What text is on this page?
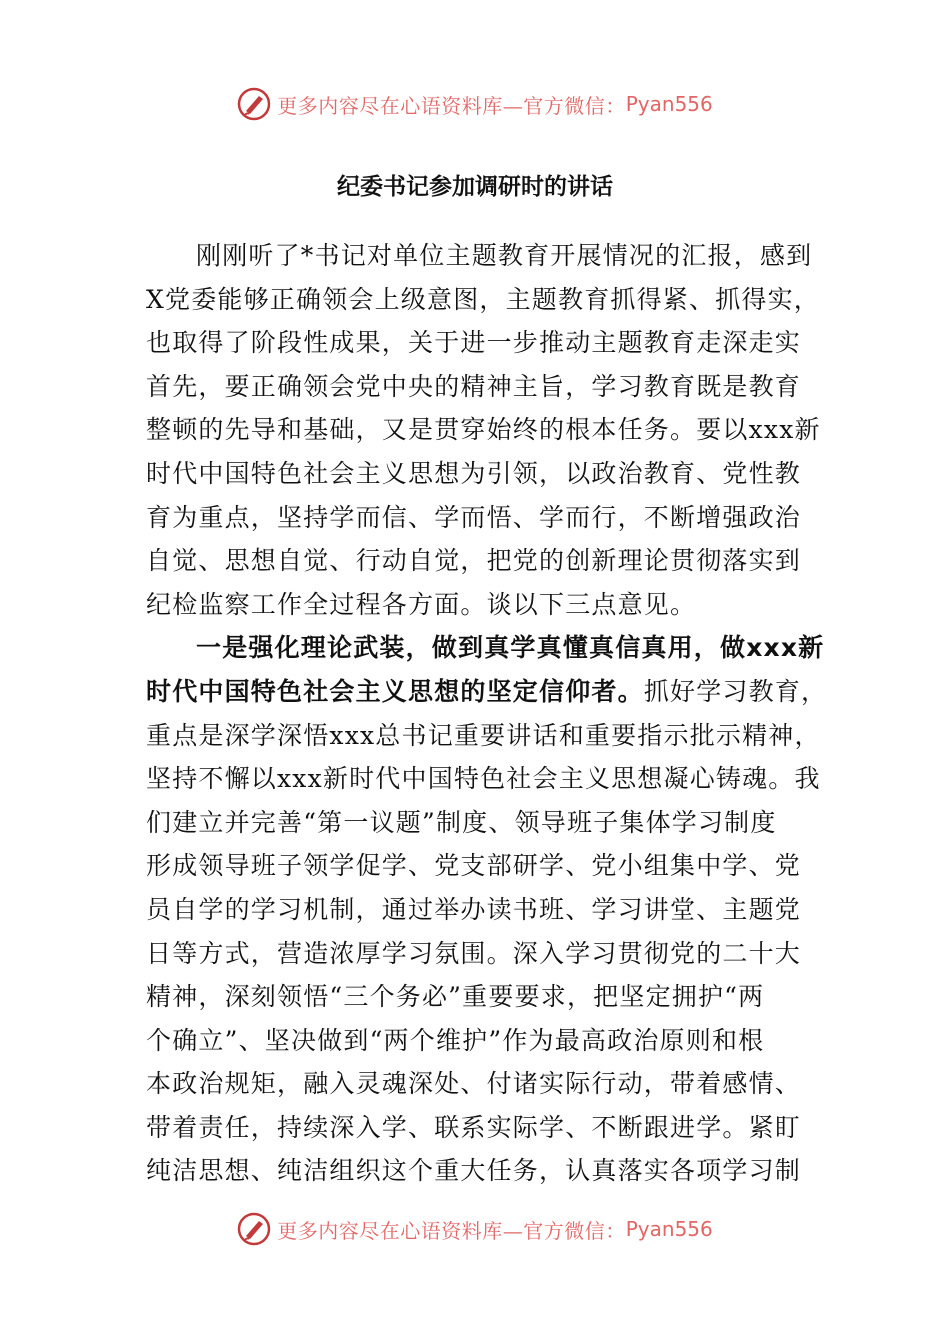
更多内容尽在心语资料库—官方微信： Pyan556
纪委书记参加调研时的讲话
刚刚听了*书记对单位主题教育开展情况的汇报，感到
X党委能够正确领会上级意图，主题教育抓得紧、抓得实，
也取得了阶段性成果，关于进一步推动主题教育走深走实
首先，要正确领会党中央的精神主旨，学习教育既是教育
整顿的先导和基础，又是贯穿始终的根本任务。要以xxx新
时代中国特色社会主义思想为引领，以政治教育、党性教
育为重点，坚持学而信、学而悟、学而行，不断增强政治
自觉、思想自觉、行动自觉，把党的创新理论贯彻落实到
纪检监察工作全过程各方面。谈以下三点意见。
一是强化理论武装，做到真学真懂真信真用，做xxx新
时代中国特色社会主义思想的坚定信仰者。抓好学习教育，
重点是深学深悟xxx总书记重要讲话和重要指示批示精神，
坚持不懈以xxx新时代中国特色社会主义思想凝心铸魂。我
们建立并完善“第一议题”制度、领导班子集体学习制度
形成领导班子领学促学、党支部研学、党小组集中学、党
员自学的学习机制，通过举办读书班、学习讲堂、主题党
日等方式，营造浓厚学习氛围。深入学习贯彻党的二十大
精神，深刻领悟“三个务必”重要要求，把坚定拥护“两
个确立”、坚决做到“两个维护”作为最高政治原则和根
本政治规矩，融入灵魂深处、付诸实际行动，带着感情、
带着责任，持续深入学、联系实际学、不断跟进学。紧盯
纯洁思想、纯洁组织这个重大任务，认真落实各项学习制
更多内容尽在心语资料库—官方微信： Pyan556
